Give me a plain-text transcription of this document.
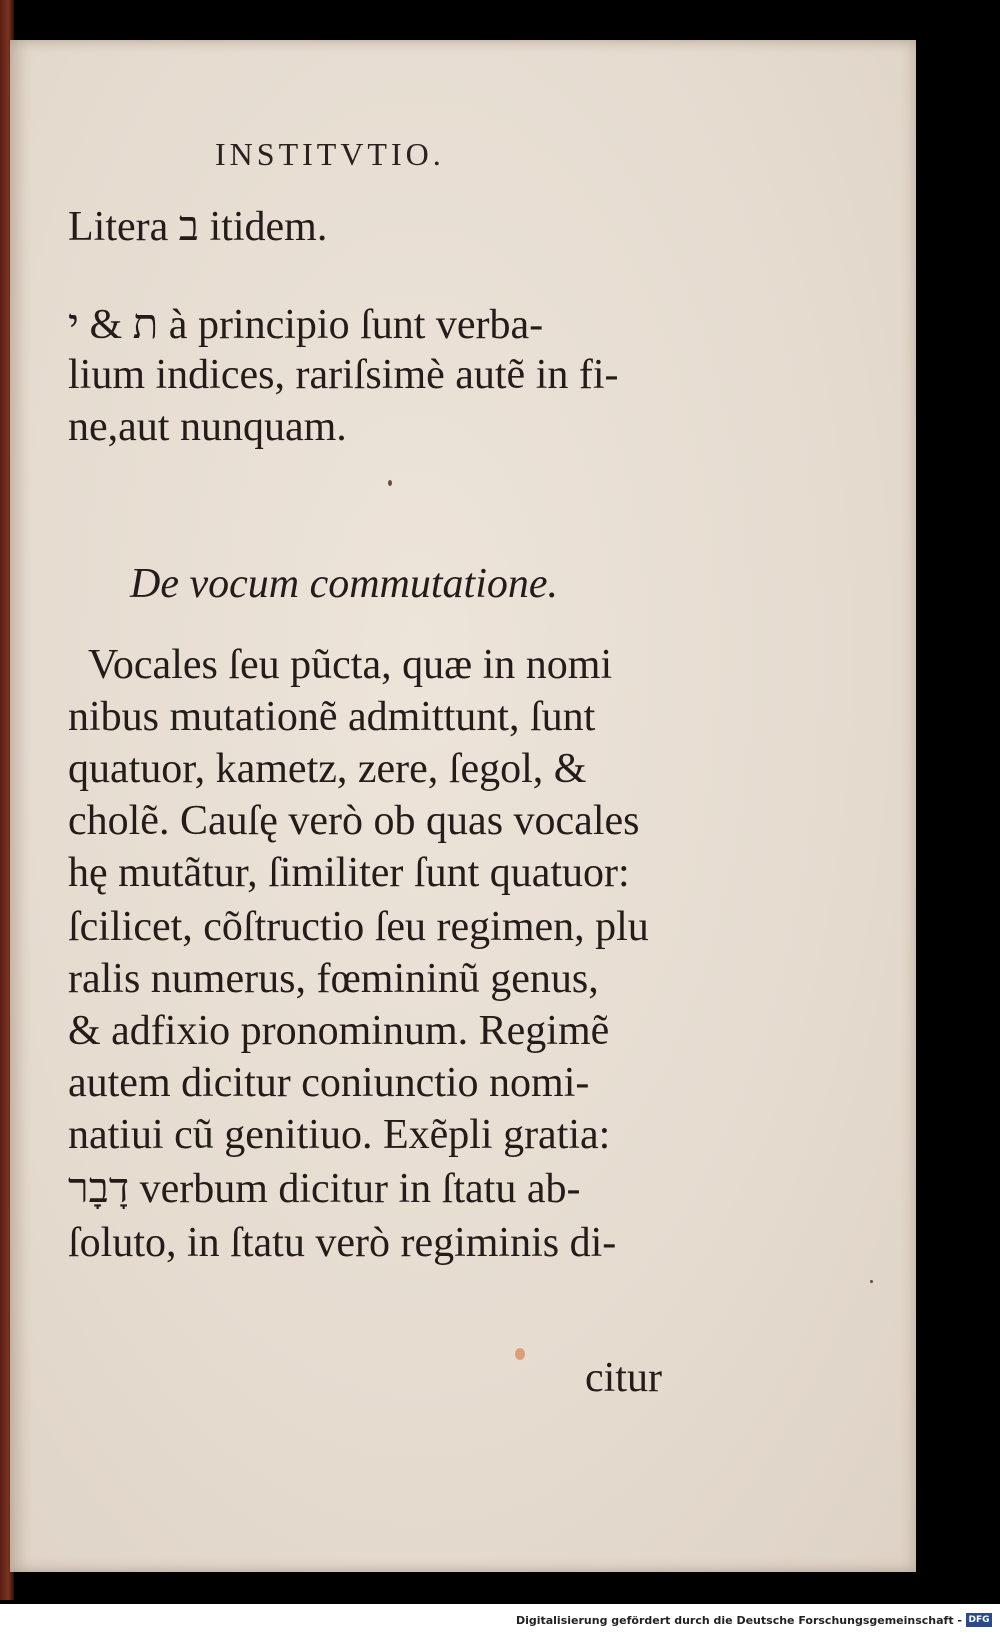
INSTITVTIO.
Litera ב itidem.
ת & י à principio ſunt verba-
lium indices, rariſsimè autẽ in fi-
ne,aut nunquam.
De vocum commutatione.
Vocales ſeu pũcta, quæ in nomi
nibus mutationẽ admittunt, ſunt
quatuor, kametz, zere, ſegol, &
cholẽ. Cauſę verò ob quas vocales
hę mutãtur, ſimiliter ſunt quatuor:
ſcilicet, cõſtructio ſeu regimen, plu
ralis numerus, fœmininũ genus,
& adfixio pronominum. Regimẽ
autem dicitur coniunctio nomi-
natiui cũ genitiuo. Exẽpli gratia:
דָבָר verbum dicitur in ſtatu ab-
ſoluto, in ſtatu verò regiminis di-
citur
Digitalisierung gefördert durch die Deutsche Forschungsgemeinschaft - DFG
